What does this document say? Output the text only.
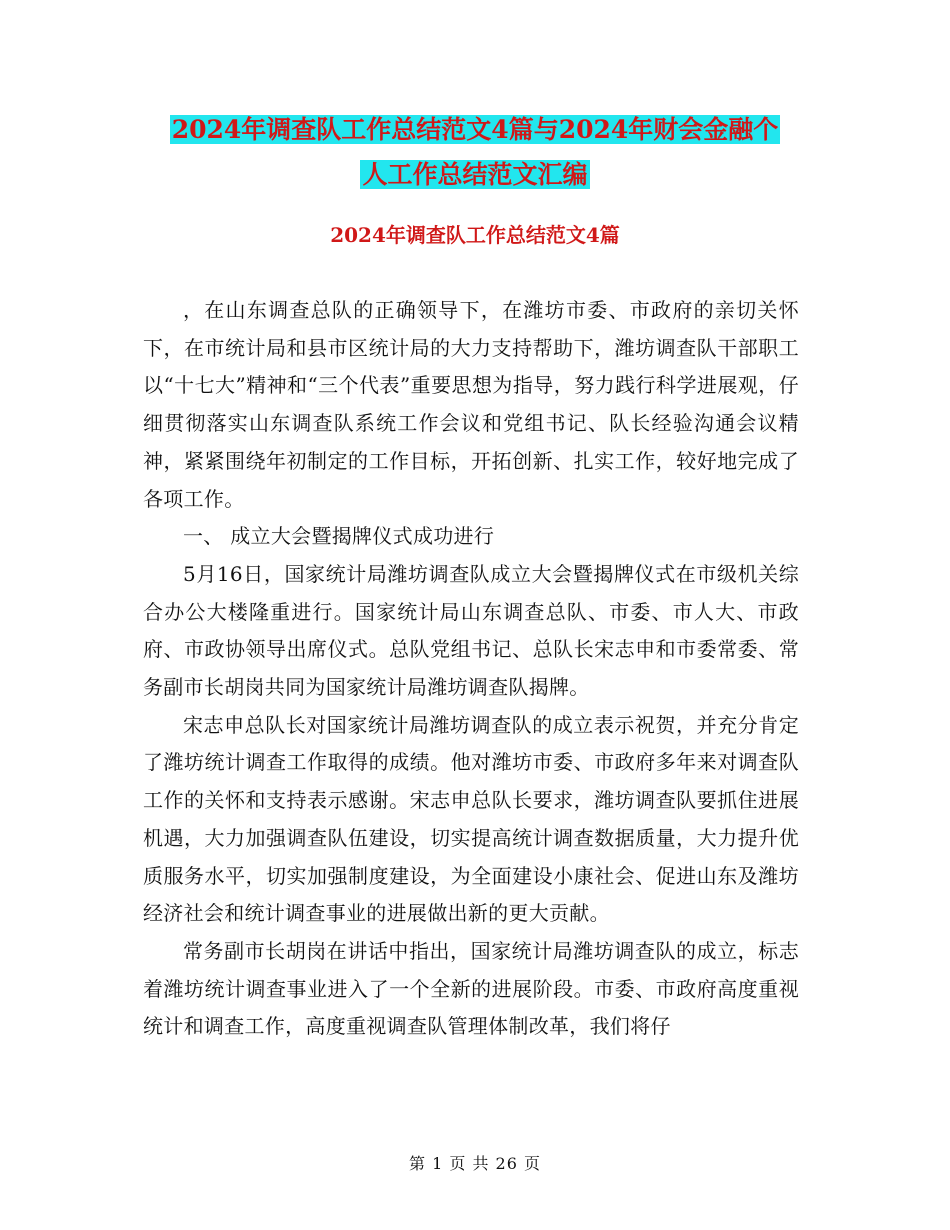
2024年调查队工作总结范文4篇与2024年财会金融个
人工作总结范文汇编
2024年调查队工作总结范文4篇

，在山东调查总队的正确领导下，在潍坊市委、市政府的亲切关怀下，在市统计局和县市区统计局的大力支持帮助下，潍坊调查队干部职工以“十七大”精神和“三个代表”重要思想为指导，努力践行科学进展观，仔细贯彻落实山东调查队系统工作会议和党组书记、队长经验沟通会议精神，紧紧围绕年初制定的工作目标，开拓创新、扎实工作，较好地完成了各项工作。

一、 成立大会暨揭牌仪式成功进行

5月16日，国家统计局潍坊调查队成立大会暨揭牌仪式在市级机关综合办公大楼隆重进行。国家统计局山东调查总队、市委、市人大、市政府、市政协领导出席仪式。总队党组书记、总队长宋志申和市委常委、常务副市长胡岗共同为国家统计局潍坊调查队揭牌。

宋志申总队长对国家统计局潍坊调查队的成立表示祝贺，并充分肯定了潍坊统计调查工作取得的成绩。他对潍坊市委、市政府多年来对调查队工作的关怀和支持表示感谢。宋志申总队长要求，潍坊调查队要抓住进展机遇，大力加强调查队伍建设，切实提高统计调查数据质量，大力提升优质服务水平，切实加强制度建设，为全面建设小康社会、促进山东及潍坊经济社会和统计调查事业的进展做出新的更大贡献。

常务副市长胡岗在讲话中指出，国家统计局潍坊调查队的成立，标志着潍坊统计调查事业进入了一个全新的进展阶段。市委、市政府高度重视统计和调查工作，高度重视调查队管理体制改革，我们将仔

第 1 页 共 26 页
